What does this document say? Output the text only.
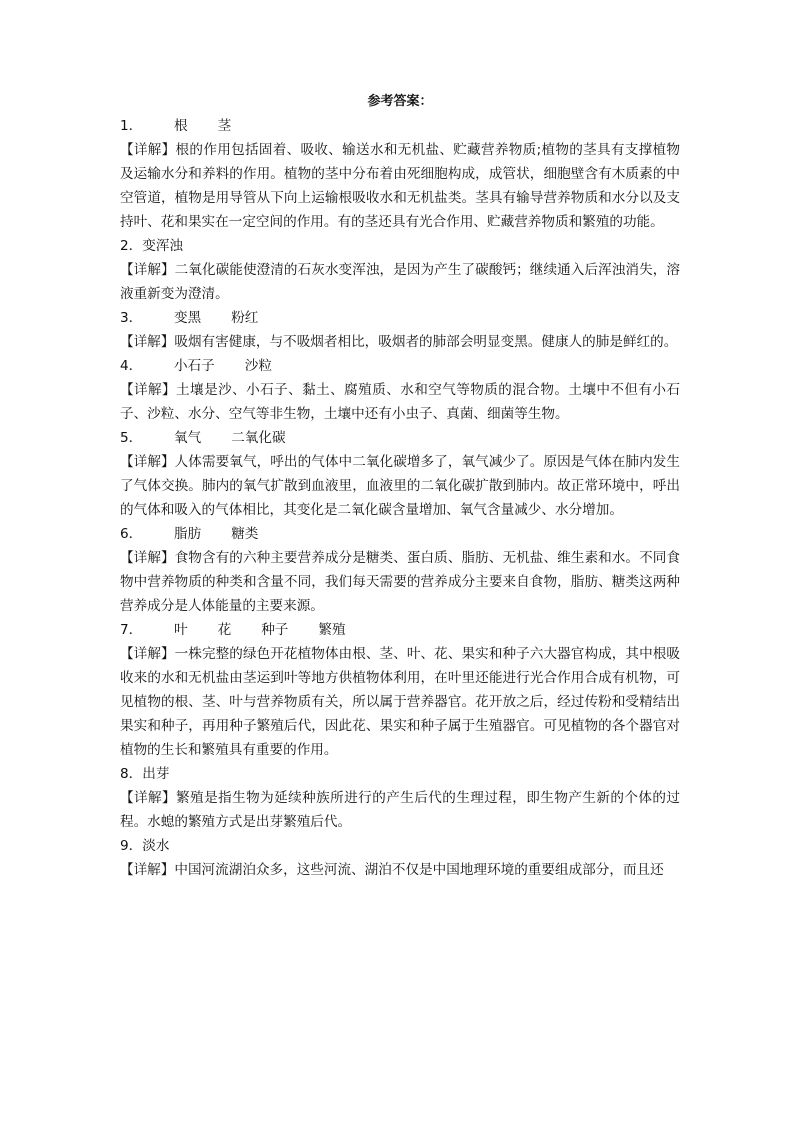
参考答案：
1． 根 茎
【详解】根的作用包括固着、吸收、输送水和无机盐、贮藏营养物质;植物的茎具有支撑植物及运输水分和养料的作用。植物的茎中分布着由死细胞构成，成管状，细胞壁含有木质素的中空管道，植物是用导管从下向上运输根吸收水和无机盐类。茎具有输导营养物质和水分以及支持叶、花和果实在一定空间的作用。有的茎还具有光合作用、贮藏营养物质和繁殖的功能。
2．变浑浊
【详解】二氧化碳能使澄清的石灰水变浑浊，是因为产生了碳酸钙；继续通入后浑浊消失，溶液重新变为澄清。
3． 变黑 粉红
【详解】吸烟有害健康，与不吸烟者相比，吸烟者的肺部会明显变黑。健康人的肺是鲜红的。
4． 小石子 沙粒
【详解】土壤是沙、小石子、黏土、腐殖质、水和空气等物质的混合物。土壤中不但有小石子、沙粒、水分、空气等非生物，土壤中还有小虫子、真菌、细菌等生物。
5． 氧气 二氧化碳
【详解】人体需要氧气，呼出的气体中二氧化碳增多了，氧气减少了。原因是气体在肺内发生了气体交换。肺内的氧气扩散到血液里，血液里的二氧化碳扩散到肺内。故正常环境中，呼出的气体和吸入的气体相比，其变化是二氧化碳含量增加、氧气含量减少、水分增加。
6． 脂肪 糖类
【详解】食物含有的六种主要营养成分是糖类、蛋白质、脂肪、无机盐、维生素和水。不同食物中营养物质的种类和含量不同，我们每天需要的营养成分主要来自食物，脂肪、糖类这两种营养成分是人体能量的主要来源。
7． 叶 花 种子 繁殖
【详解】一株完整的绿色开花植物体由根、茎、叶、花、果实和种子六大器官构成，其中根吸收来的水和无机盐由茎运到叶等地方供植物体利用，在叶里还能进行光合作用合成有机物，可见植物的根、茎、叶与营养物质有关，所以属于营养器官。花开放之后，经过传粉和受精结出果实和种子，再用种子繁殖后代，因此花、果实和种子属于生殖器官。可见植物的各个器官对植物的生长和繁殖具有重要的作用。
8．出芽
【详解】繁殖是指生物为延续种族所进行的产生后代的生理过程，即生物产生新的个体的过程。水螅的繁殖方式是出芽繁殖后代。
9．淡水
【详解】中国河流湖泊众多，这些河流、湖泊不仅是中国地理环境的重要组成部分，而且还
